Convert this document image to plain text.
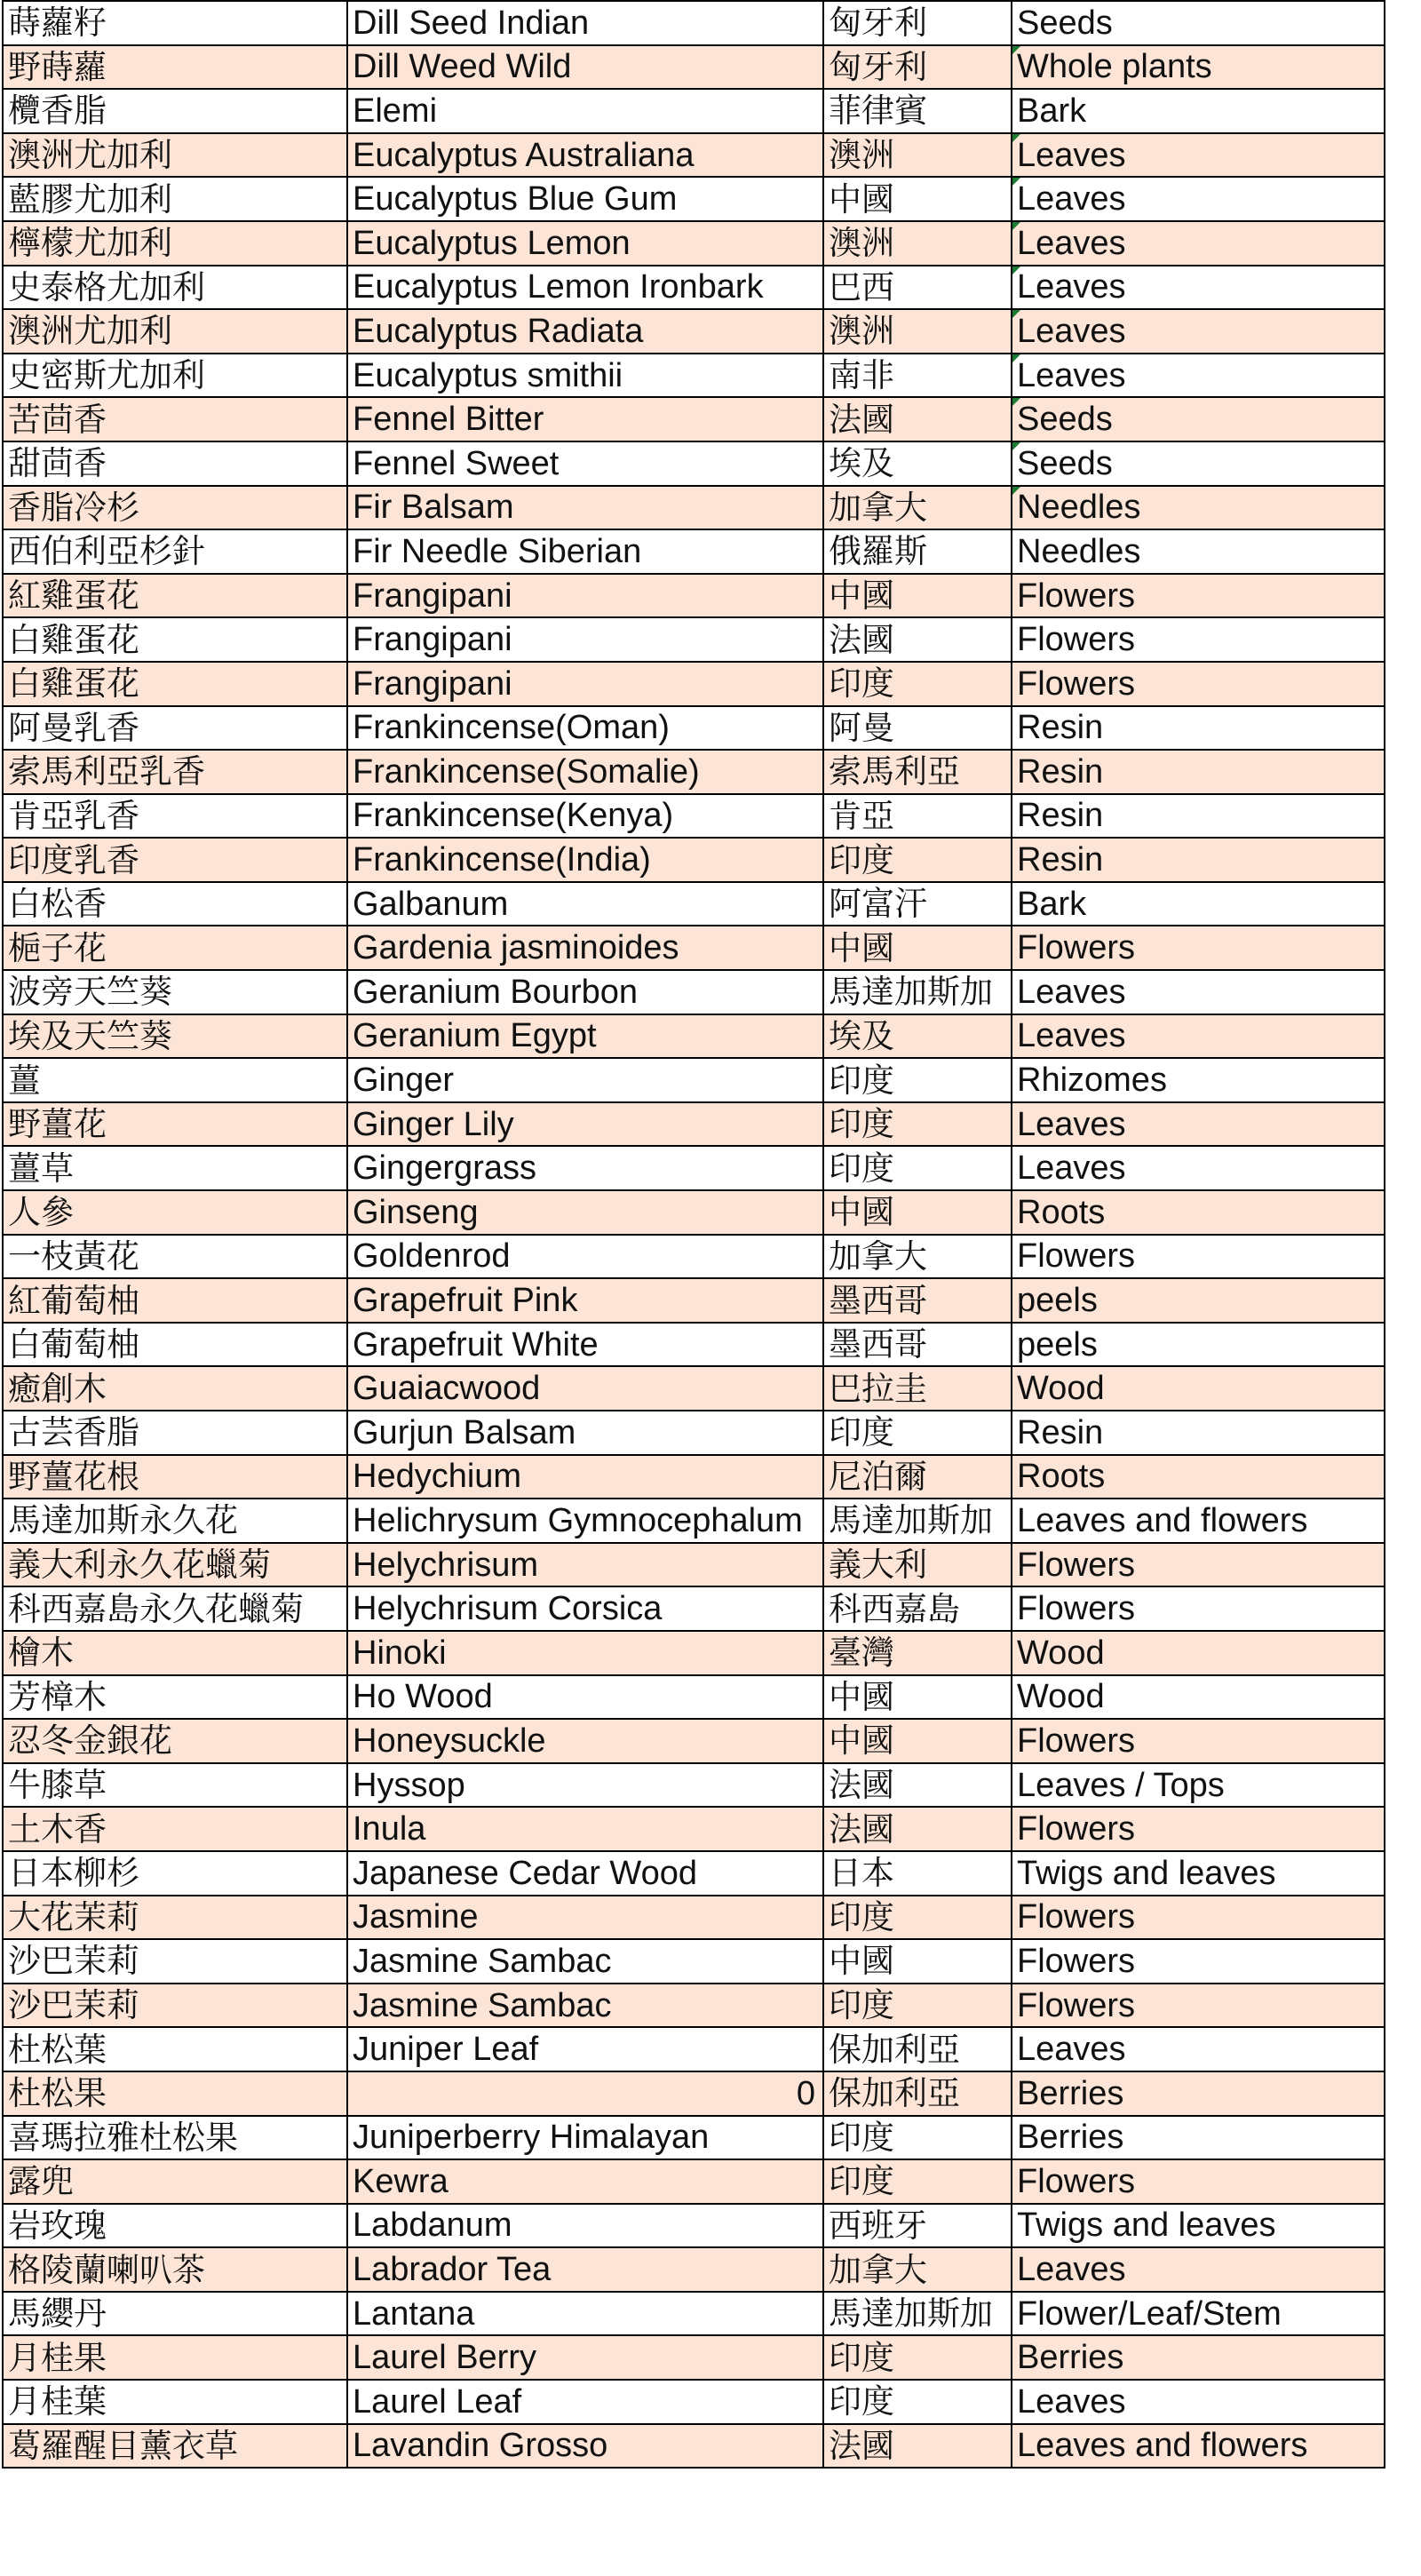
蒔蘿籽	Dill Seed Indian	匈牙利	Seeds
野蒔蘿	Dill Weed Wild	匈牙利	Whole plants
欖香脂	Elemi	菲律賓	Bark
澳洲尤加利	Eucalyptus Australiana	澳洲	Leaves
藍膠尤加利	Eucalyptus Blue Gum	中國	Leaves
檸檬尤加利	Eucalyptus Lemon	澳洲	Leaves
史泰格尤加利	Eucalyptus Lemon Ironbark	巴西	Leaves
澳洲尤加利	Eucalyptus Radiata	澳洲	Leaves
史密斯尤加利	Eucalyptus smithii	南非	Leaves
苦茴香	Fennel Bitter	法國	Seeds
甜茴香	Fennel Sweet	埃及	Seeds
香脂冷杉	Fir Balsam	加拿大	Needles
西伯利亞杉針	Fir Needle Siberian	俄羅斯	Needles
紅雞蛋花	Frangipani	中國	Flowers
白雞蛋花	Frangipani	法國	Flowers
白雞蛋花	Frangipani	印度	Flowers
阿曼乳香	Frankincense(Oman)	阿曼	Resin
索馬利亞乳香	Frankincense(Somalie)	索馬利亞	Resin
肯亞乳香	Frankincense(Kenya)	肯亞	Resin
印度乳香	Frankincense(India)	印度	Resin
白松香	Galbanum	阿富汗	Bark
梔子花	Gardenia jasminoides	中國	Flowers
波旁天竺葵	Geranium Bourbon	馬達加斯加	Leaves
埃及天竺葵	Geranium Egypt	埃及	Leaves
薑	Ginger	印度	Rhizomes
野薑花	Ginger Lily	印度	Leaves
薑草	Gingergrass	印度	Leaves
人參	Ginseng	中國	Roots
一枝黃花	Goldenrod	加拿大	Flowers
紅葡萄柚	Grapefruit Pink	墨西哥	peels
白葡萄柚	Grapefruit White	墨西哥	peels
癒創木	Guaiacwood	巴拉圭	Wood
古芸香脂	Gurjun Balsam	印度	Resin
野薑花根	Hedychium	尼泊爾	Roots
馬達加斯永久花	Helichrysum Gymnocephalum	馬達加斯加	Leaves and flowers
義大利永久花蠟菊	Helychrisum	義大利	Flowers
科西嘉島永久花蠟菊	Helychrisum Corsica	科西嘉島	Flowers
檜木	Hinoki	臺灣	Wood
芳樟木	Ho Wood	中國	Wood
忍冬金銀花	Honeysuckle	中國	Flowers
牛膝草	Hyssop	法國	Leaves / Tops
土木香	Inula	法國	Flowers
日本柳杉	Japanese Cedar Wood	日本	Twigs and leaves
大花茉莉	Jasmine	印度	Flowers
沙巴茉莉	Jasmine Sambac	中國	Flowers
沙巴茉莉	Jasmine Sambac	印度	Flowers
杜松葉	Juniper Leaf	保加利亞	Leaves
杜松果	0	保加利亞	Berries
喜瑪拉雅杜松果	Juniperberry Himalayan	印度	Berries
露兜	Kewra	印度	Flowers
岩玫瑰	Labdanum	西班牙	Twigs and leaves
格陵蘭喇叭茶	Labrador Tea	加拿大	Leaves
馬纓丹	Lantana	馬達加斯加	Flower/Leaf/Stem
月桂果	Laurel Berry	印度	Berries
月桂葉	Laurel Leaf	印度	Leaves
葛羅醒目薰衣草	Lavandin Grosso	法國	Leaves and flowers
